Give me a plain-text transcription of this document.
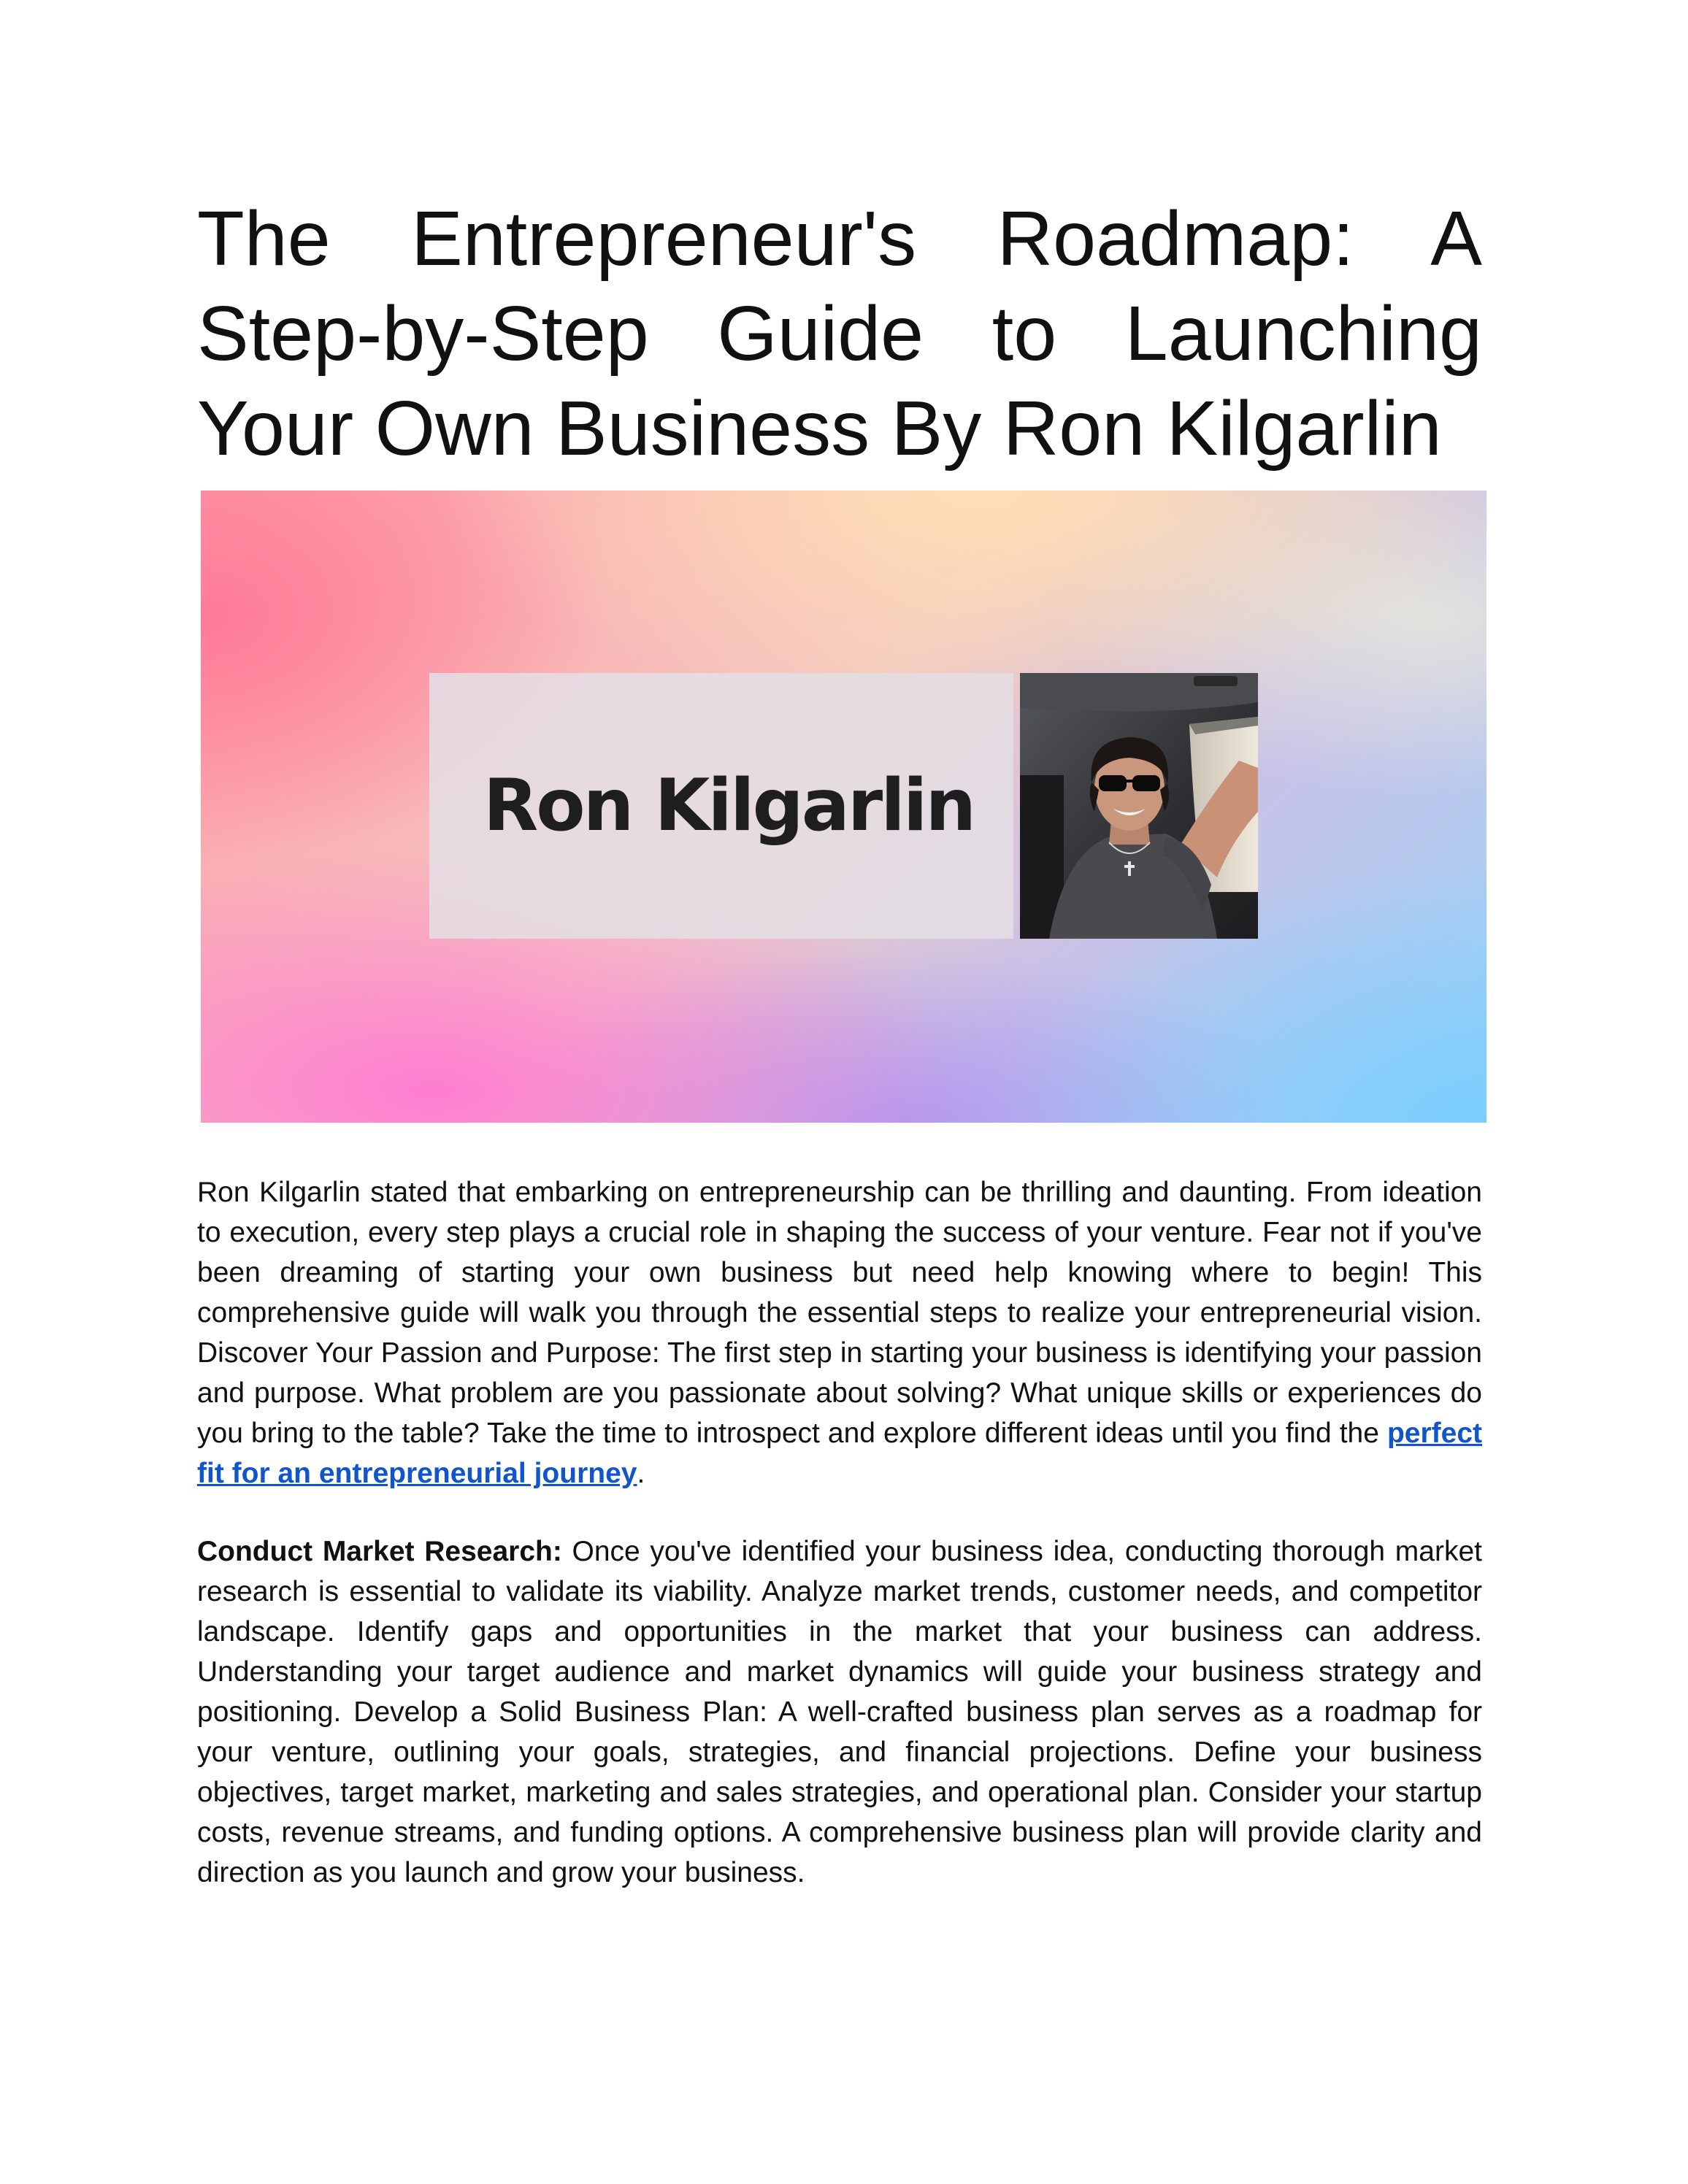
The Entrepreneur's Roadmap: A Step-by-Step Guide to Launching Your Own Business By Ron Kilgarlin
Ron Kilgarlin

Ron Kilgarlin stated that embarking on entrepreneurship can be thrilling and daunting. From ideation to execution, every step plays a crucial role in shaping the success of your venture. Fear not if you've been dreaming of starting your own business but need help knowing where to begin! This comprehensive guide will walk you through the essential steps to realize your entrepreneurial vision. Discover Your Passion and Purpose: The first step in starting your business is identifying your passion and purpose. What problem are you passionate about solving? What unique skills or experiences do you bring to the table? Take the time to introspect and explore different ideas until you find the perfect fit for an entrepreneurial journey.

Conduct Market Research: Once you've identified your business idea, conducting thorough market research is essential to validate its viability. Analyze market trends, customer needs, and competitor landscape. Identify gaps and opportunities in the market that your business can address. Understanding your target audience and market dynamics will guide your business strategy and positioning. Develop a Solid Business Plan: A well-crafted business plan serves as a roadmap for your venture, outlining your goals, strategies, and financial projections. Define your business objectives, target market, marketing and sales strategies, and operational plan. Consider your startup costs, revenue streams, and funding options. A comprehensive business plan will provide clarity and direction as you launch and grow your business.
